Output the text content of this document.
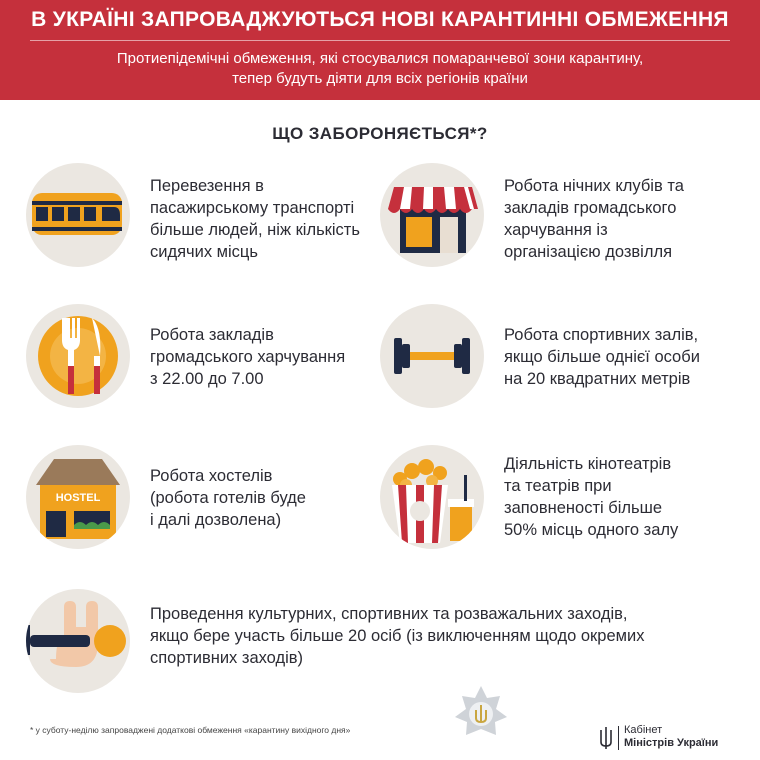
В УКРАЇНІ ЗАПРОВАДЖУЮТЬСЯ НОВІ КАРАНТИННІ ОБМЕЖЕННЯ
Протиепідемічні обмеження, які стосувалися помаранчевої зони карантину,
тепер будуть діяти для всіх регіонів країни
ЩО ЗАБОРОНЯЄТЬСЯ*?
Перевезення в
пасажирському транспорті
більше людей, ніж кількість
сидячих місць
Робота нічних клубів та
закладів громадського
харчування із
організацією дозвілля
Робота закладів
громадського харчування
з 22.00 до 7.00
Робота спортивних залів,
якщо більше однієї особи
на 20 квадратних метрів
HOSTEL
Робота хостелів
(робота готелів буде
і далі дозволена)
Діяльність кінотеатрів
та театрів при
заповненості більше
50% місць одного залу
Проведення культурних, спортивних та розважальних заходів,
якщо бере участь більше 20 осіб (із виключенням щодо окремих
спортивних заходів)
* у суботу-неділю запроваджені додаткові обмеження «карантину вихідного дня»	Кабінет
Міністрів України
